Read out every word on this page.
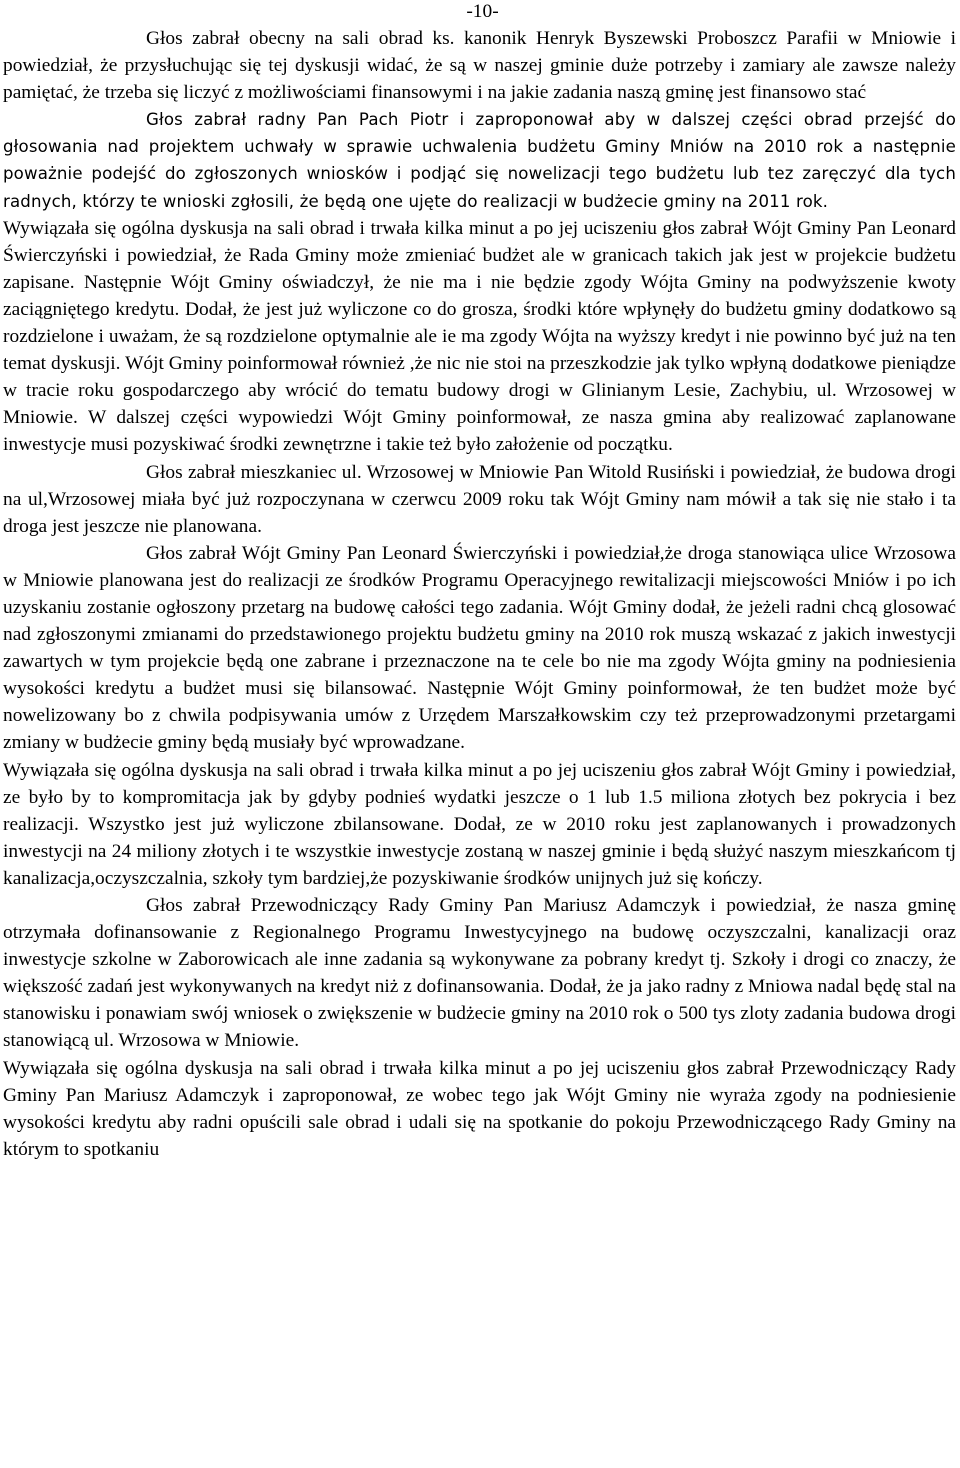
-10-

Głos zabrał obecny na sali obrad ks. kanonik Henryk Byszewski Proboszcz Parafii w Mniowie i powiedział, że przysłuchując się tej dyskusji widać, że są w naszej gminie duże potrzeby i zamiary ale zawsze należy pamiętać, że trzeba się liczyć z możliwościami finansowymi i na jakie zadania naszą gminę jest finansowo stać

Głos zabrał radny Pan Pach Piotr i zaproponował aby w dalszej części obrad przejść do głosowania nad projektem uchwały w sprawie uchwalenia budżetu Gminy Mniów na 2010 rok a następnie poważnie podejść do zgłoszonych wniosków i podjąć się nowelizacji tego budżetu lub tez zaręczyć dla tych radnych, którzy te wnioski zgłosili, że będą one ujęte do realizacji w budżecie gminy na 2011 rok.

Wywiązała się ogólna dyskusja na sali obrad i trwała kilka minut a po jej uciszeniu głos zabrał Wójt Gminy Pan Leonard Świerczyński i powiedział, że Rada Gminy może zmieniać budżet ale w granicach takich jak jest w projekcie budżetu zapisane. Następnie Wójt Gminy oświadczył, że nie ma i nie będzie zgody Wójta Gminy na podwyższenie kwoty zaciągniętego kredytu. Dodał, że jest już wyliczone co do grosza, środki które wpłynęły do budżetu gminy dodatkowo są rozdzielone i uważam, że są rozdzielone optymalnie ale ie ma zgody Wójta na wyższy kredyt i nie powinno być już na ten temat dyskusji. Wójt Gminy poinformował również ,że nic nie stoi na przeszkodzie jak tylko wpłyną dodatkowe pieniądze w tracie roku gospodarczego aby wrócić do tematu budowy drogi w Glinianym Lesie, Zachybiu, ul. Wrzosowej w Mniowie. W dalszej części wypowiedzi Wójt Gminy poinformował, ze nasza gmina aby realizować zaplanowane inwestycje musi pozyskiwać środki zewnętrzne i takie też było założenie od początku.

Głos zabrał mieszkaniec ul. Wrzosowej w Mniowie Pan Witold Rusiński i powiedział, że budowa drogi na ul,Wrzosowej miała być już rozpoczynana w czerwcu 2009 roku tak Wójt Gminy nam mówił a tak się nie stało i ta droga jest jeszcze nie planowana.

Głos zabrał Wójt Gminy Pan Leonard Świerczyński i powiedział,że droga stanowiąca ulice Wrzosowa w Mniowie planowana jest do realizacji ze środków Programu Operacyjnego rewitalizacji miejscowości Mniów i po ich uzyskaniu zostanie ogłoszony przetarg na budowę całości tego zadania. Wójt Gminy dodał, że jeżeli radni chcą glosować nad zgłoszonymi zmianami do przedstawionego projektu budżetu gminy na 2010 rok muszą wskazać z jakich inwestycji zawartych w tym projekcie będą one zabrane i przeznaczone na te cele bo nie ma zgody Wójta gminy na podniesienia wysokości kredytu a budżet musi się bilansować. Następnie Wójt Gminy poinformował, że ten budżet może być nowelizowany bo z chwila podpisywania umów z Urzędem Marszałkowskim czy też przeprowadzonymi przetargami zmiany w budżecie gminy będą musiały być wprowadzane.

Wywiązała się ogólna dyskusja na sali obrad i trwała kilka minut a po jej uciszeniu głos zabrał Wójt Gminy i powiedział, ze było by to kompromitacja jak by gdyby podnieś wydatki jeszcze o 1 lub 1.5 miliona złotych bez pokrycia i bez realizacji. Wszystko jest już wyliczone zbilansowane. Dodał, ze w 2010 roku jest zaplanowanych i prowadzonych inwestycji na 24 miliony złotych i te wszystkie inwestycje zostaną w naszej gminie i będą służyć naszym mieszkańcom tj kanalizacja,oczyszczalnia, szkoły tym bardziej,że pozyskiwanie środków unijnych już się kończy.

Głos zabrał Przewodniczący Rady Gminy Pan Mariusz Adamczyk i powiedział, że nasza gminę otrzymała dofinansowanie z Regionalnego Programu Inwestycyjnego na budowę oczyszczalni, kanalizacji oraz inwestycje szkolne w Zaborowicach ale inne zadania są wykonywane za pobrany kredyt tj. Szkoły i drogi co znaczy, że większość zadań jest wykonywanych na kredyt niż z dofinansowania. Dodał, że ja jako radny z Mniowa nadal będę stal na stanowisku i ponawiam swój wniosek o zwiększenie w budżecie gminy na 2010 rok o 500 tys zloty zadania budowa drogi stanowiącą ul. Wrzosowa w Mniowie.

Wywiązała się ogólna dyskusja na sali obrad i trwała kilka minut a po jej uciszeniu głos zabrał Przewodniczący Rady Gminy Pan Mariusz Adamczyk i zaproponował, ze wobec tego jak Wójt Gminy nie wyraża zgody na podniesienie wysokości kredytu aby radni opuścili sale obrad i udali się na spotkanie do pokoju Przewodniczącego Rady Gminy na którym to spotkaniu
